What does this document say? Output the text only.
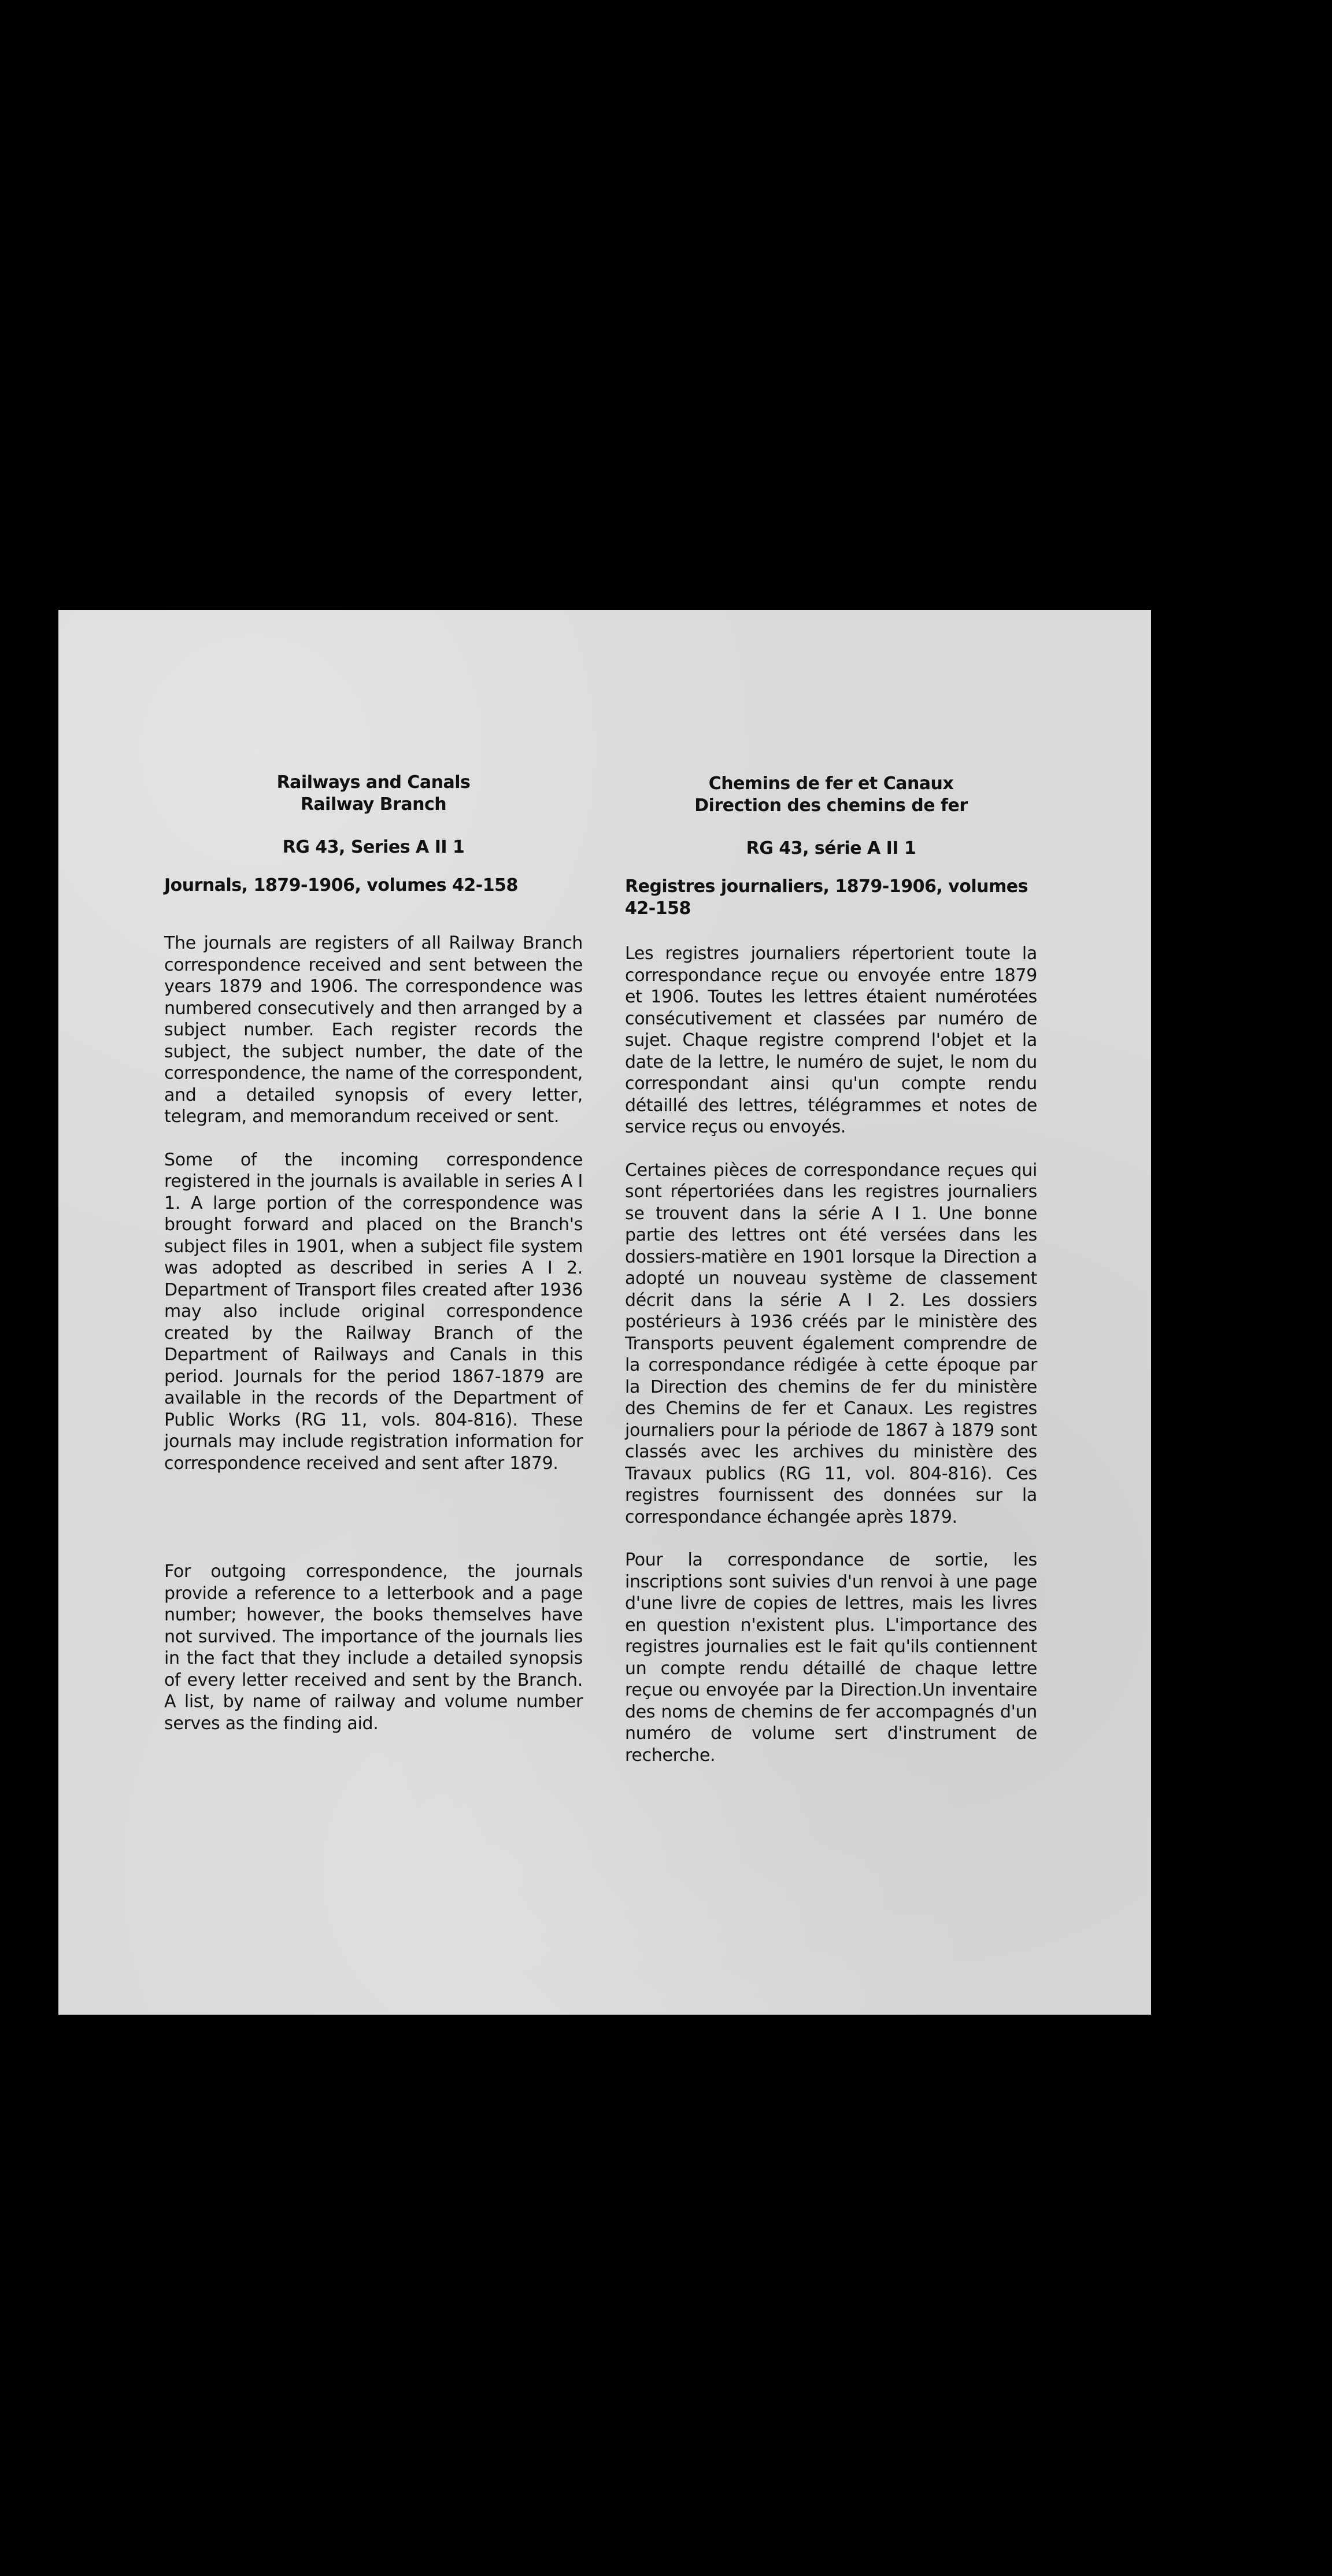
Railways and Canals

Railway Branch

RG 43, Series A II 1

Journals, 1879-1906, volumes 42-158

The journals are registers of all Railway Branch correspondence received and sent between the years 1879 and 1906. The correspondence was numbered consecutively and then arranged by a subject number. Each register records the subject, the subject number, the date of the correspondence, the name of the correspondent, and a detailed synopsis of every letter, telegram, and memorandum received or sent.

Some of the incoming correspondence registered in the journals is available in series A I 1. A large portion of the correspondence was brought forward and placed on the Branch's subject files in 1901, when a subject file system was adopted as described in series A I 2. Department of Transport files created after 1936 may also include original correspondence created by the Railway Branch of the Department of Railways and Canals in this period. Journals for the period 1867-1879 are available in the records of the Department of Public Works (RG 11, vols. 804-816). These journals may include registration information for correspondence received and sent after 1879.

For outgoing correspondence, the journals provide a reference to a letterbook and a page number; however, the books themselves have not survived. The importance of the journals lies in the fact that they include a detailed synopsis of every letter received and sent by the Branch. A list, by name of railway and volume number serves as the finding aid.

Chemins de fer et Canaux

Direction des chemins de fer

RG 43, série A II 1

Registres journaliers, 1879-1906, volumes 42-158

Les registres journaliers répertorient toute la correspondance reçue ou envoyée entre 1879 et 1906. Toutes les lettres étaient numérotées consécutivement et classées par numéro de sujet. Chaque registre comprend l'objet et la date de la lettre, le numéro de sujet, le nom du correspondant ainsi qu'un compte rendu détaillé des lettres, télégrammes et notes de service reçus ou envoyés.

Certaines pièces de correspondance reçues qui sont répertoriées dans les registres journaliers se trouvent dans la série A I 1. Une bonne partie des lettres ont été versées dans les dossiers-matière en 1901 lorsque la Direction a adopté un nouveau système de classement décrit dans la série A I 2. Les dossiers postérieurs à 1936 créés par le ministère des Transports peuvent également comprendre de la correspondance rédigée à cette époque par la Direction des chemins de fer du ministère des Chemins de fer et Canaux. Les registres journaliers pour la période de 1867 à 1879 sont classés avec les archives du ministère des Travaux publics (RG 11, vol. 804-816). Ces registres fournissent des données sur la correspondance échangée après 1879.

Pour la correspondance de sortie, les inscriptions sont suivies d'un renvoi à une page d'une livre de copies de lettres, mais les livres en question n'existent plus. L'importance des registres journalies est le fait qu'ils contiennent un compte rendu détaillé de chaque lettre reçue ou envoyée par la Direction.Un inventaire des noms de chemins de fer accompagnés d'un numéro de volume sert d'instrument de recherche.
